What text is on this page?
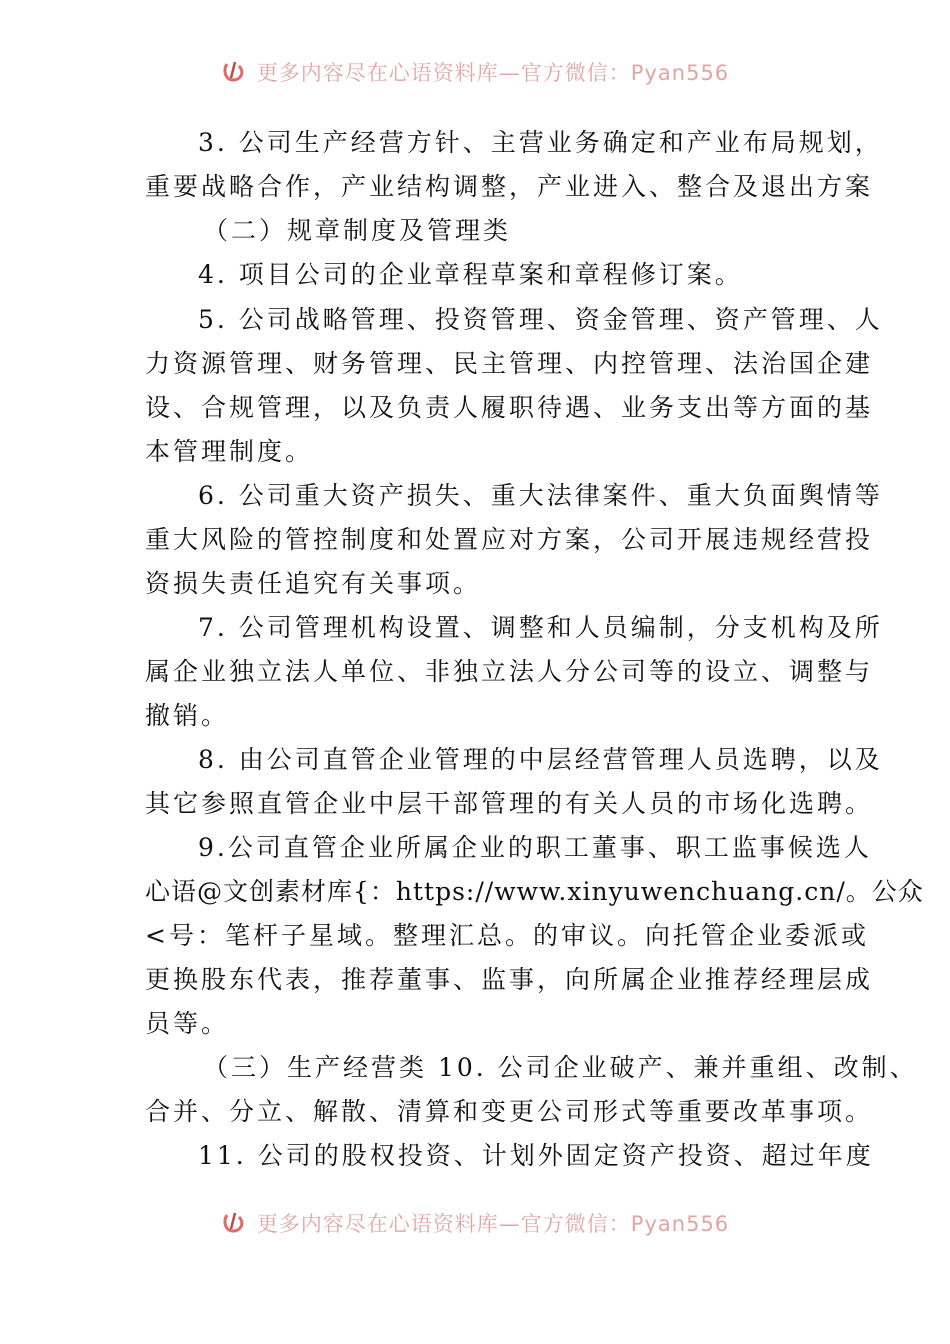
更多内容尽在心语资料库—官方微信：Pyan556
3. 公司生产经营方针、主营业务确定和产业布局规划，
重要战略合作，产业结构调整，产业进入、整合及退出方案
（二）规章制度及管理类
4. 项目公司的企业章程草案和章程修订案。
5. 公司战略管理、投资管理、资金管理、资产管理、人
力资源管理、财务管理、民主管理、内控管理、法治国企建
设、合规管理，以及负责人履职待遇、业务支出等方面的基
本管理制度。
6. 公司重大资产损失、重大法律案件、重大负面舆情等
重大风险的管控制度和处置应对方案，公司开展违规经营投
资损失责任追究有关事项。
7. 公司管理机构设置、调整和人员编制，分支机构及所
属企业独立法人单位、非独立法人分公司等的设立、调整与
撤销。
8. 由公司直管企业管理的中层经营管理人员选聘，以及
其它参照直管企业中层干部管理的有关人员的市场化选聘。
9.公司直管企业所属企业的职工董事、职工监事候选人
心语@文创素材库{：https://www.xinyuwenchuang.cn/。公众
<号：笔杆子星域。整理汇总。的审议。向托管企业委派或
更换股东代表，推荐董事、监事，向所属企业推荐经理层成
员等。
（三）生产经营类 10. 公司企业破产、兼并重组、改制、
合并、分立、解散、清算和变更公司形式等重要改革事项。
11. 公司的股权投资、计划外固定资产投资、超过年度
更多内容尽在心语资料库—官方微信：Pyan556
